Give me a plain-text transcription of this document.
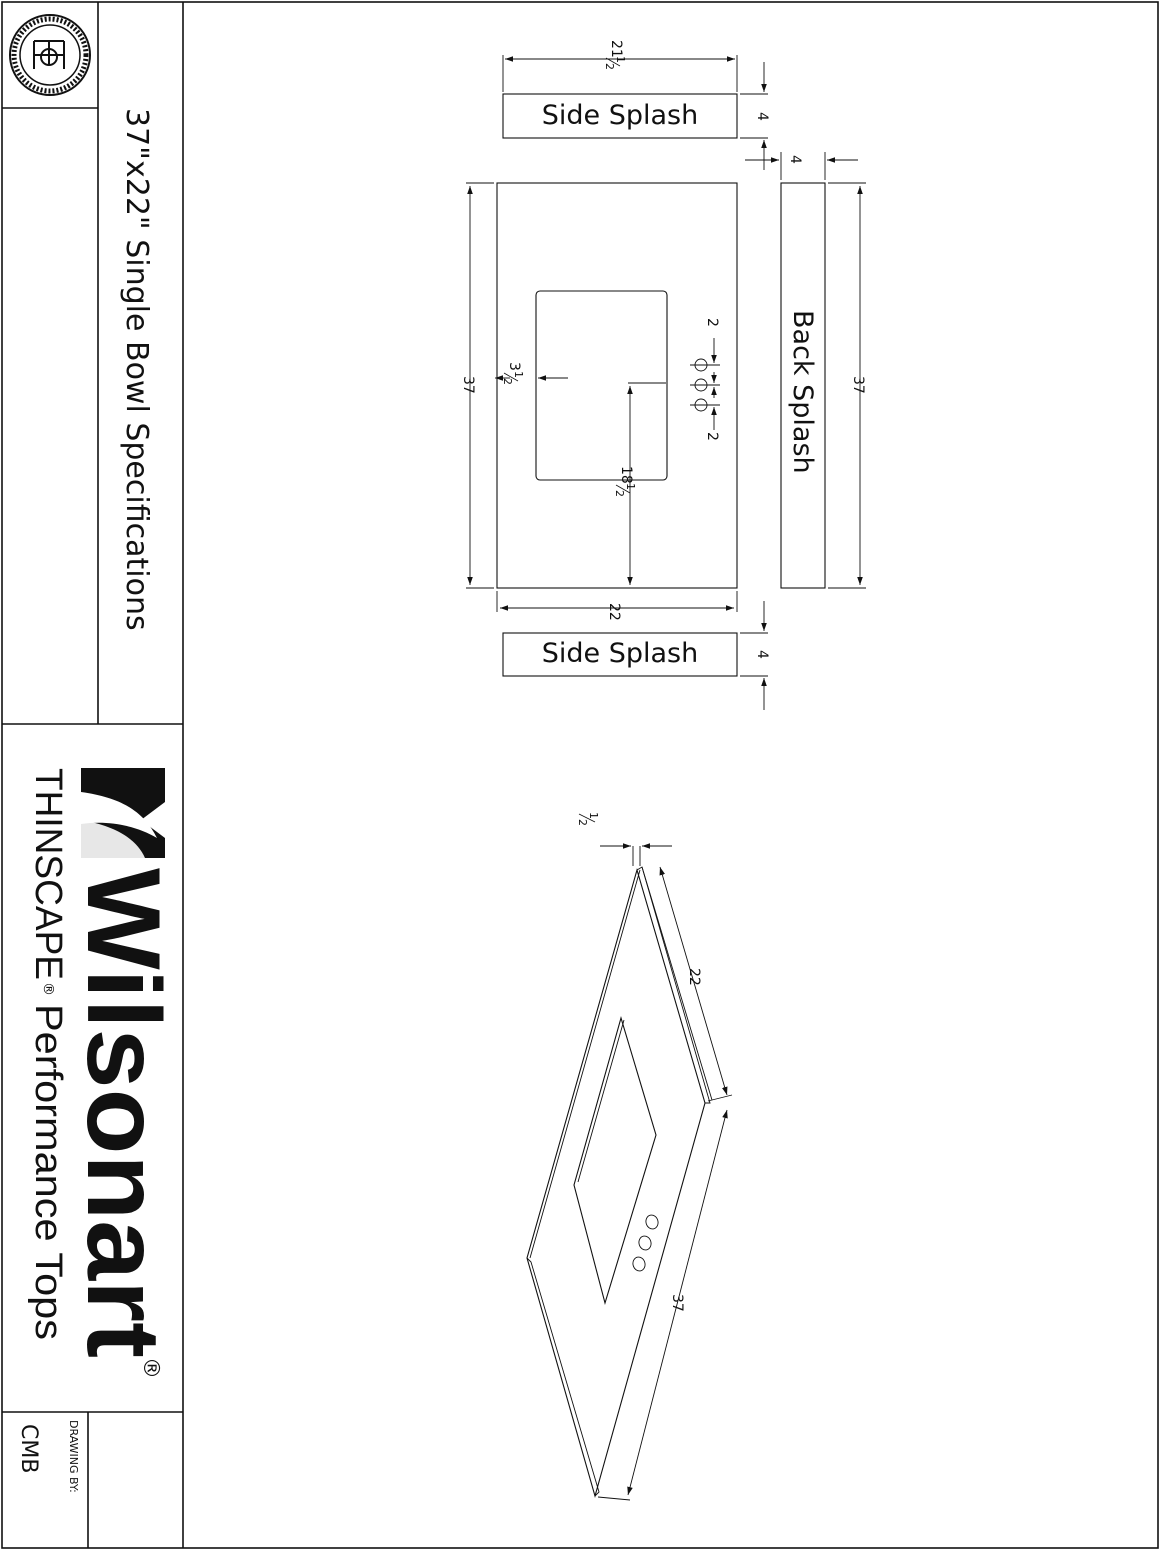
37"x22" Single Bowl Specifications
Wilsonart
®
THINSCAPE
®
Performance Tops
DRAWING BY:
CMB
Side Splash
21
1
2
4
2
2
3
1
2
18
1
2
37
22
Back Splash
4
37
Side Splash	4
1
2
22
37
